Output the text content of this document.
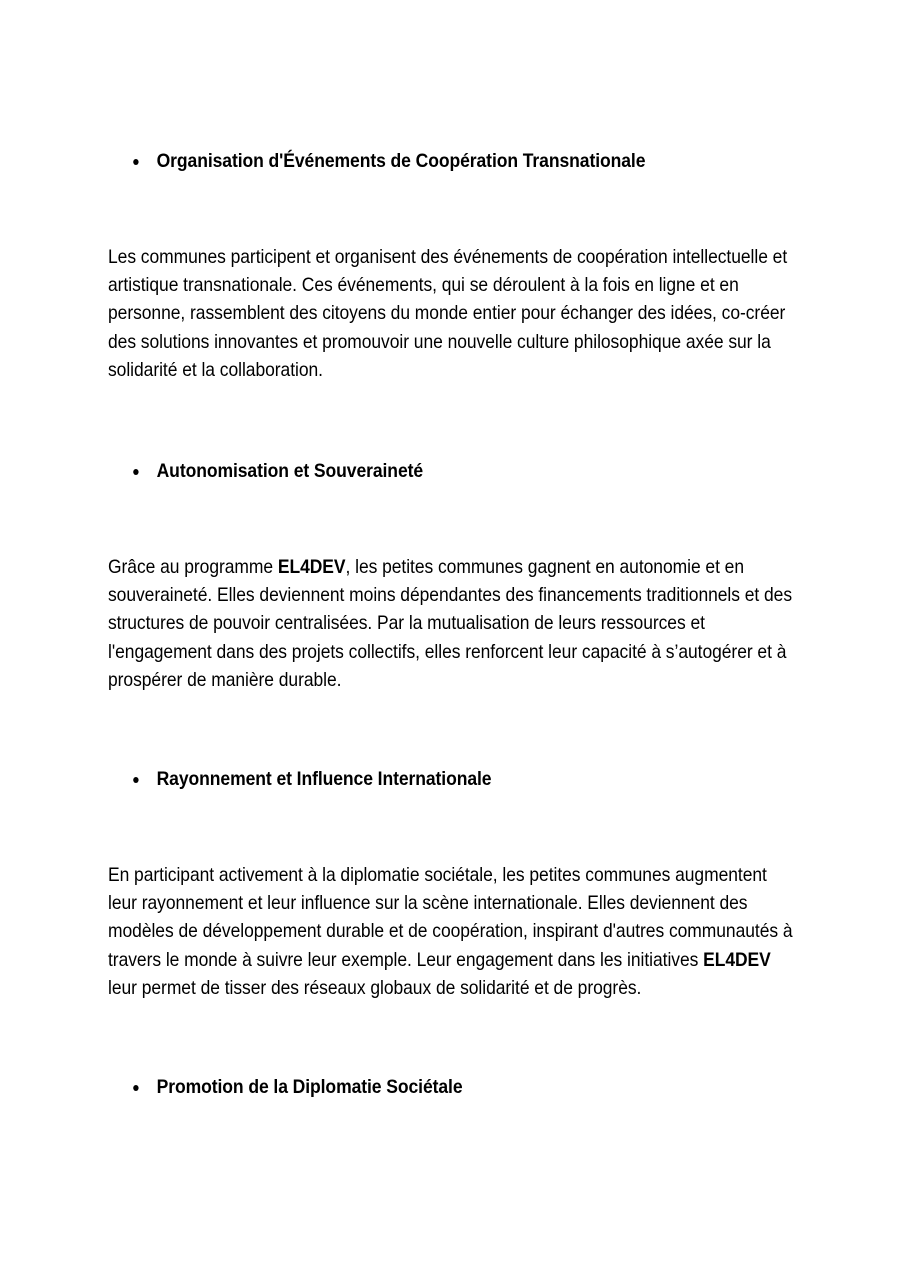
Organisation d'Événements de Coopération Transnationale

Les communes participent et organisent des événements de coopération intellectuelle et artistique transnationale. Ces événements, qui se déroulent à la fois en ligne et en personne, rassemblent des citoyens du monde entier pour échanger des idées, co-créer des solutions innovantes et promouvoir une nouvelle culture philosophique axée sur la solidarité et la collaboration.

Autonomisation et Souveraineté

Grâce au programme EL4DEV, les petites communes gagnent en autonomie et en souveraineté. Elles deviennent moins dépendantes des financements traditionnels et des structures de pouvoir centralisées. Par la mutualisation de leurs ressources et l'engagement dans des projets collectifs, elles renforcent leur capacité à s’autogérer et à prospérer de manière durable.

Rayonnement et Influence Internationale

En participant activement à la diplomatie sociétale, les petites communes augmentent leur rayonnement et leur influence sur la scène internationale. Elles deviennent des modèles de développement durable et de coopération, inspirant d'autres communautés à travers le monde à suivre leur exemple. Leur engagement dans les initiatives EL4DEV leur permet de tisser des réseaux globaux de solidarité et de progrès.

Promotion de la Diplomatie Sociétale
